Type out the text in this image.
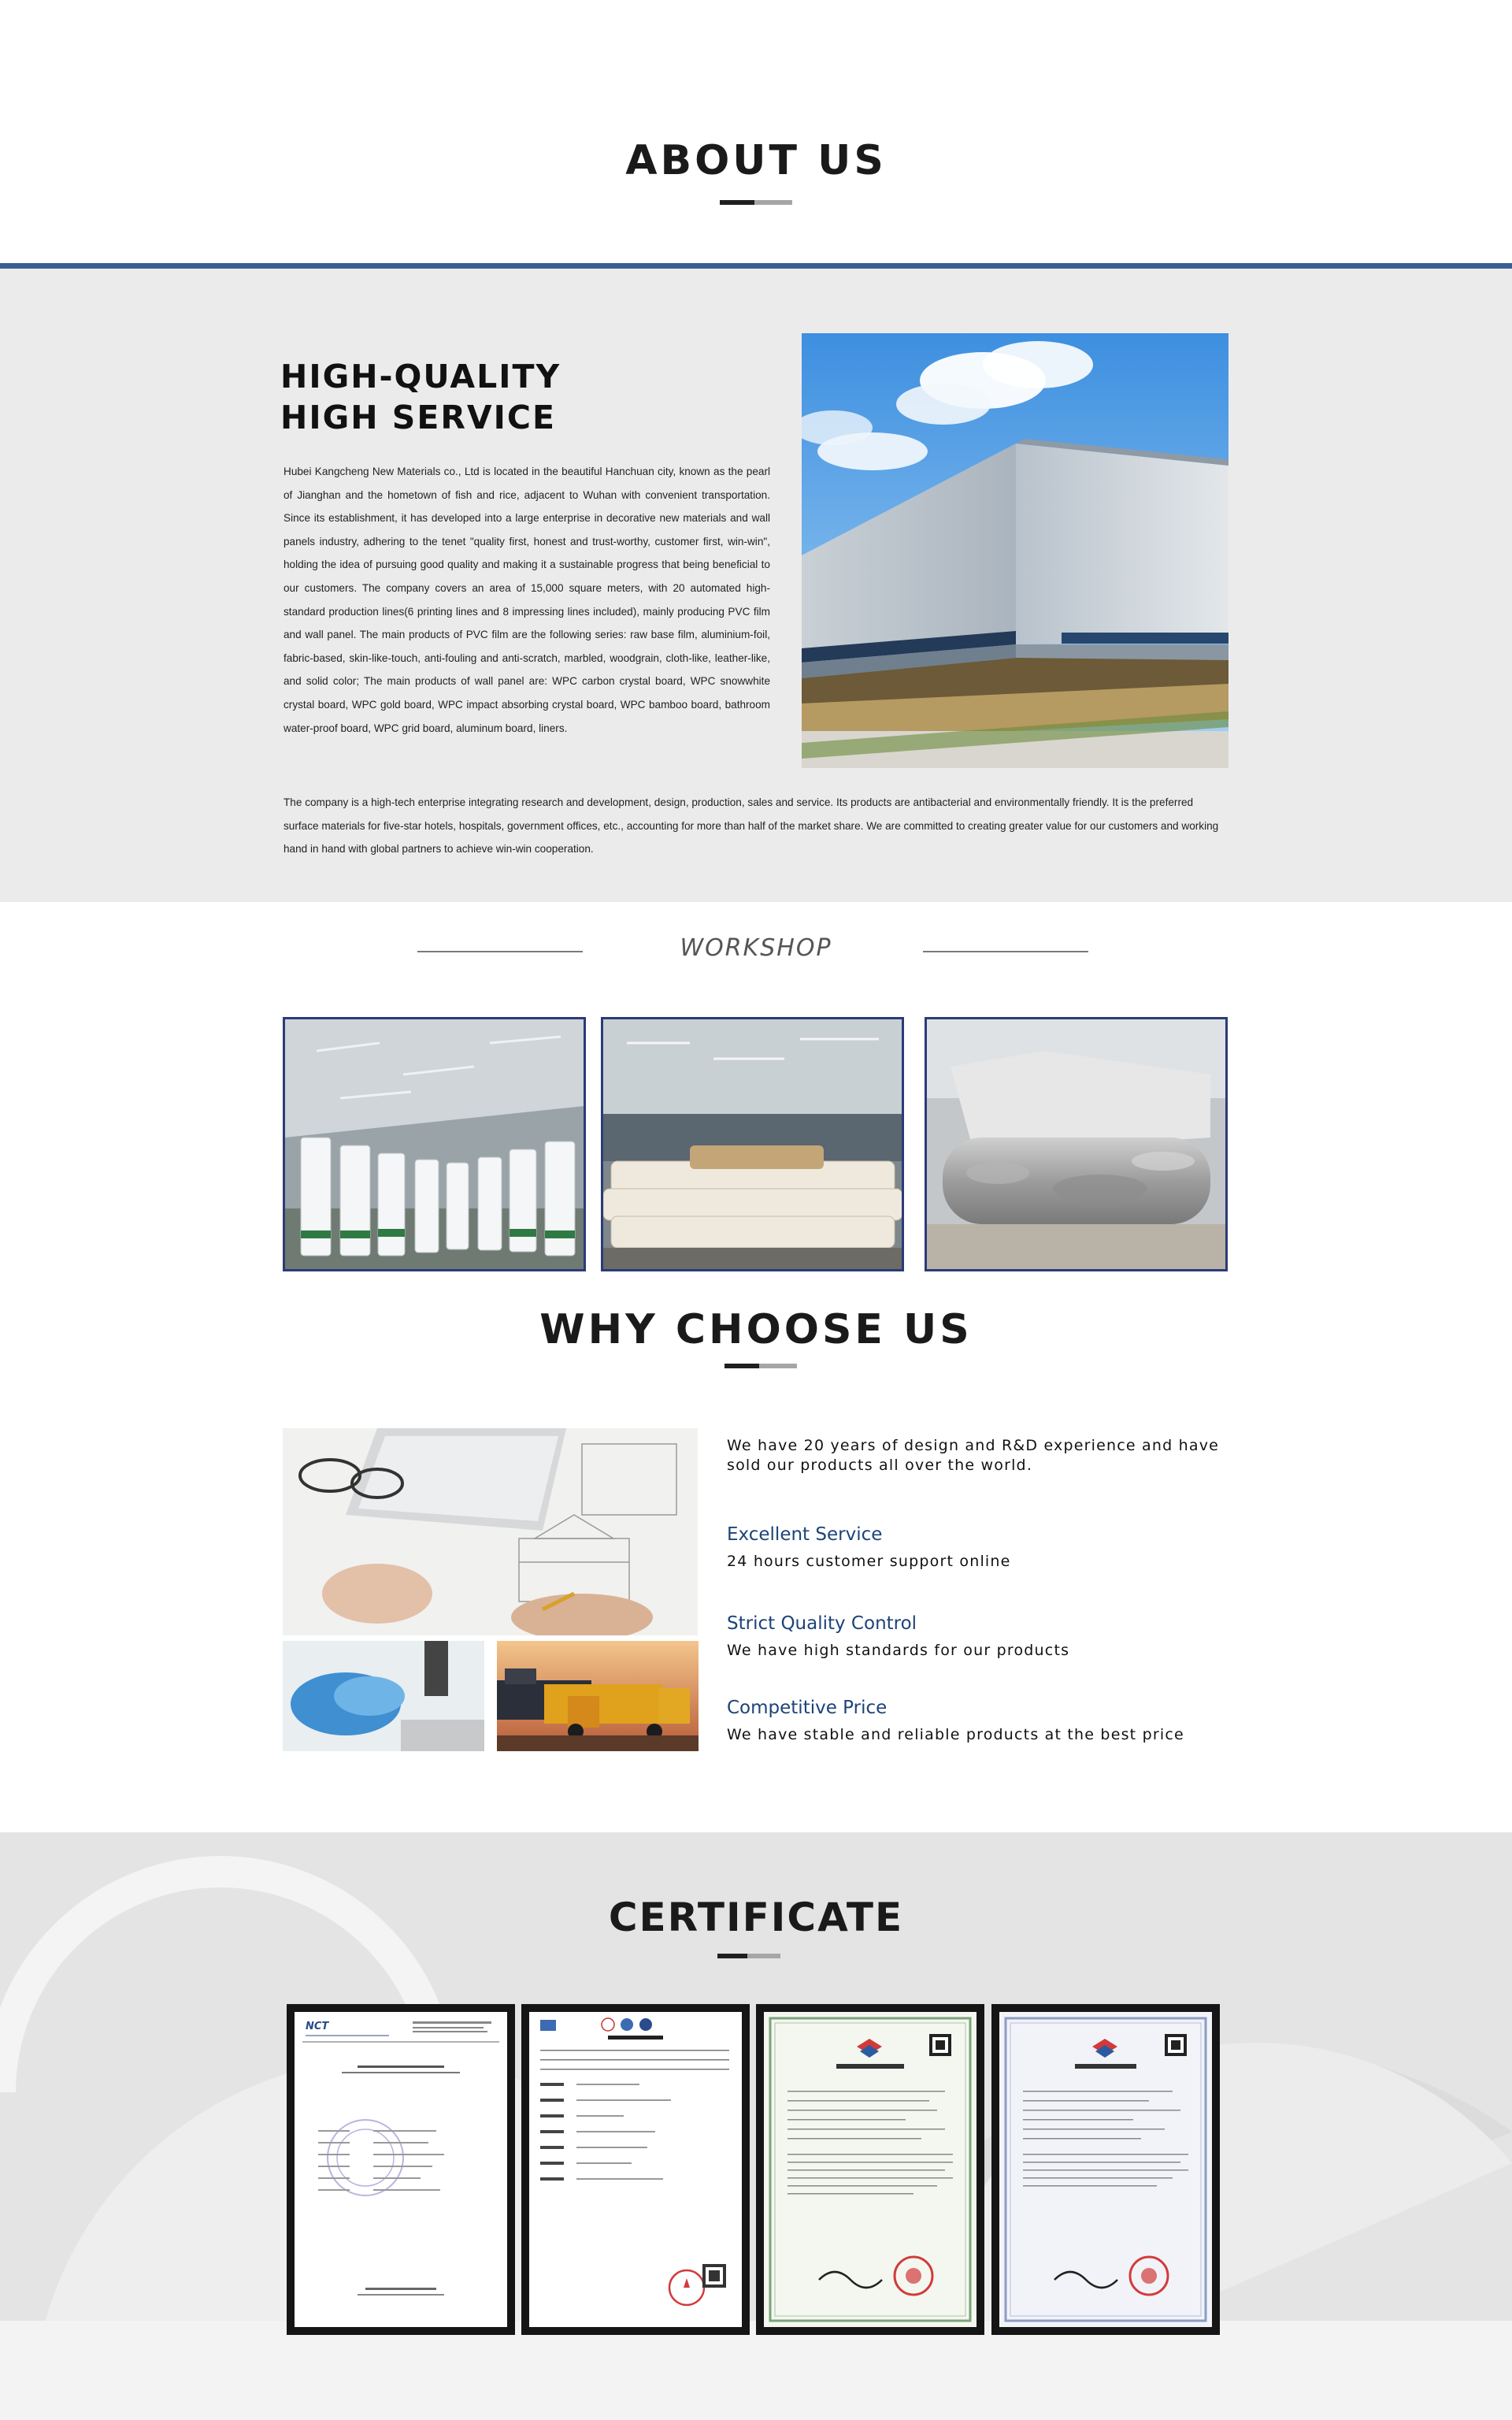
ABOUT US
HIGH-QUALITY
HIGH SERVICE
Hubei Kangcheng New Materials co., Ltd is located in the beautiful Hanchuan city, known as the pearl of Jianghan and the hometown of fish and rice, adjacent to Wuhan with convenient transportation. Since its establishment, it has developed into a large enterprise in decorative new materials and wall panels industry, adhering to the tenet "quality first, honest and trust-worthy, customer first, win-win", holding the idea of pursuing good quality and making it a sustainable progress that being beneficial to our customers. The company covers an area of 15,000 square meters, with 20 automated high-standard production lines(6 printing lines and 8 impressing lines included), mainly producing PVC film and wall panel. The main products of PVC film are the following series: raw base film, aluminium-foil, fabric-based, skin-like-touch, anti-fouling and anti-scratch, marbled, woodgrain, cloth-like, leather-like, and solid color; The main products of wall panel are: WPC carbon crystal board, WPC snowwhite crystal board, WPC gold board, WPC impact absorbing crystal board, WPC bamboo board, bathroom water-proof board, WPC grid board, aluminum board, liners.
The company is a high-tech enterprise integrating research and development, design, production, sales and service. Its products are antibacterial and environmentally friendly. It is the preferred surface materials for five-star hotels, hospitals, government offices, etc., accounting for more than half of the market share. We are committed to creating greater value for our customers and working hand in hand with global partners to achieve win-win cooperation.
WORKSHOP
WHY CHOOSE US
We have 20 years of design and R&D experience and have sold our products all over the world.
Excellent Service
24 hours customer support online
Strict Quality Control
We have high standards for our products
Competitive Price
We have stable and reliable products at the best price
CERTIFICATE
NCT
